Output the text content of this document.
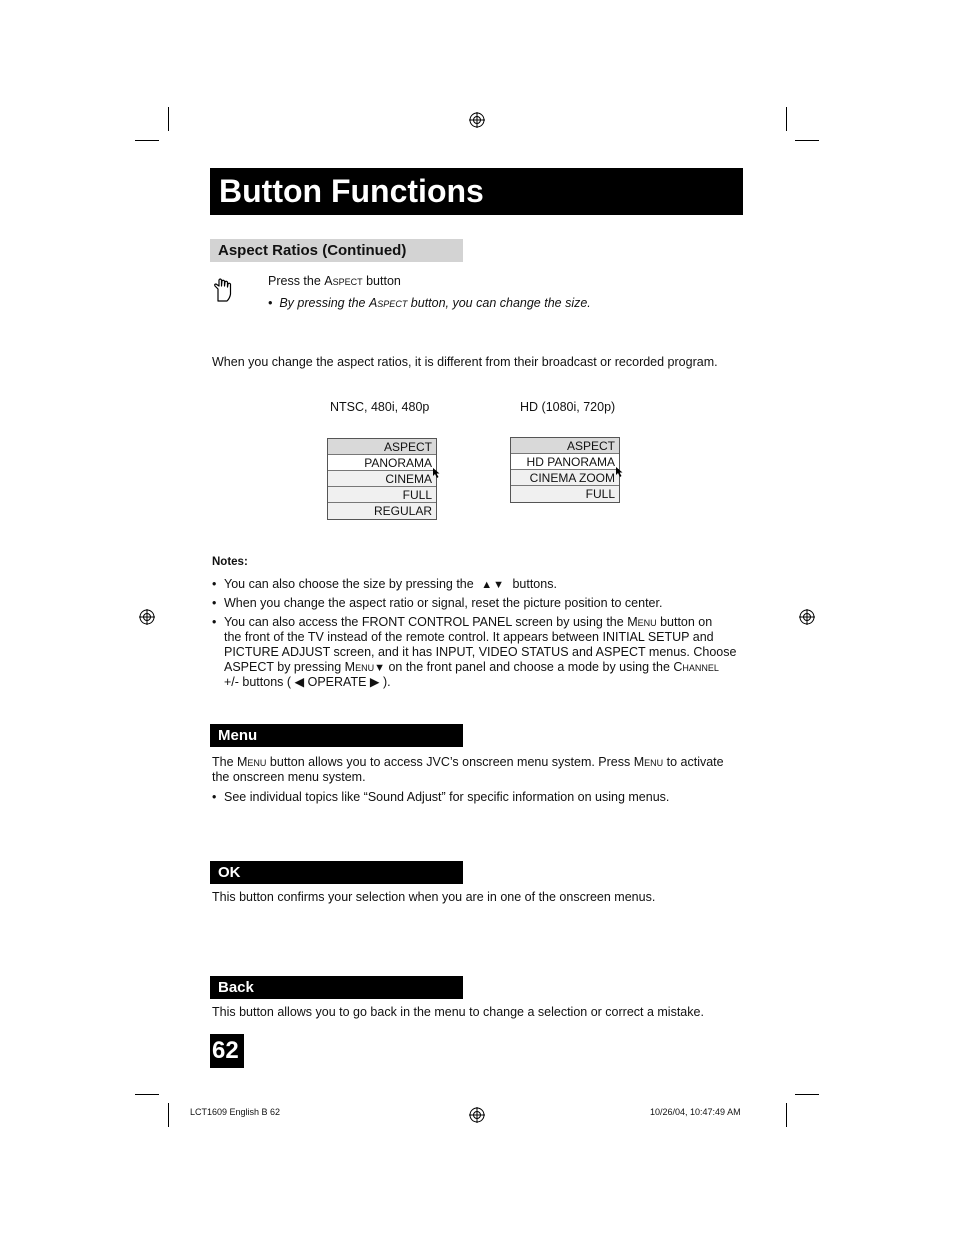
Button Functions
Aspect Ratios (Continued)
Press the Aspect button
•  By pressing the Aspect button, you can change the size.
When you change the aspect ratios, it is different from their broadcast or recorded program.
NTSC, 480i, 480p	HD (1080i, 720p)
ASPECT
PANORAMA
CINEMA
FULL
REGULAR
ASPECT
HD PANORAMA
CINEMA ZOOM
FULL
Notes:
• You can also choose the size by pressing the ▲▼ buttons.
• When you change the aspect ratio or signal, reset the picture position to center.
• You can also access the FRONT CONTROL PANEL screen by using the Menu button on
the front of the TV instead of the remote control. It appears between INITIAL SETUP and
PICTURE ADJUST screen, and it has INPUT, VIDEO STATUS and ASPECT menus. Choose
ASPECT by pressing Menu▼ on the front panel and choose a mode by using the Channel
+/- buttons ( ◀ OPERATE ▶ ).
Menu
The Menu button allows you to access JVC’s onscreen menu system. Press Menu to activate
the onscreen menu system.
• See individual topics like “Sound Adjust” for specific information on using menus.
OK
This button confirms your selection when you are in one of the onscreen menus.
Back
This button allows you to go back in the menu to change a selection or correct a mistake.
62
LCT1609 English B 62	10/26/04, 10:47:49 AM
